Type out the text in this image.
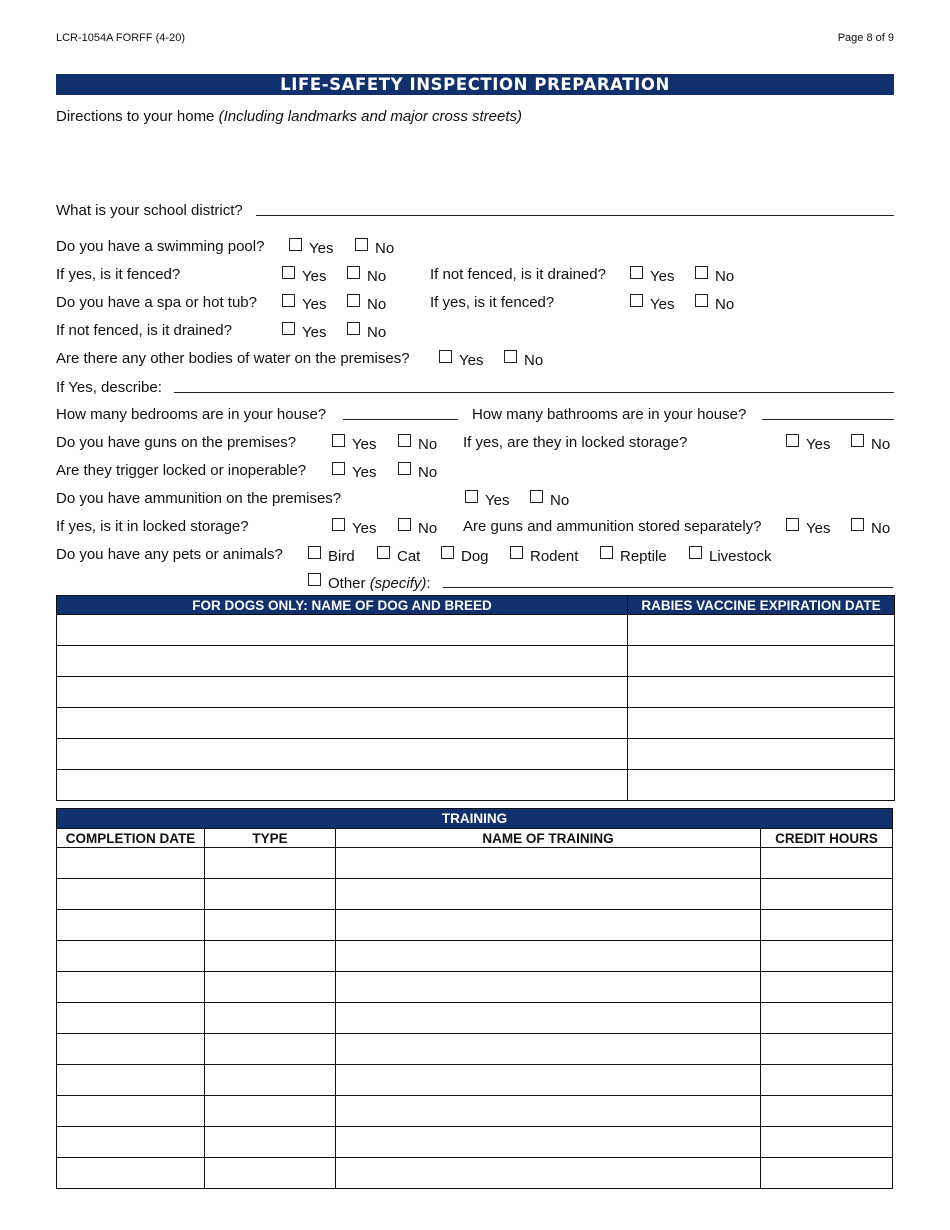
LCR-1054A FORFF (4-20)	Page 8 of 9
LIFE-SAFETY INSPECTION PREPARATION
Directions to your home (Including landmarks and major cross streets)
What is your school district?
Do you have a swimming pool?	Yes	No
If yes, is it fenced?	Yes	No	If not fenced, is it drained?	Yes	No
Do you have a spa or hot tub?	Yes	No	If yes, is it fenced?	Yes	No
If not fenced, is it drained?	Yes	No
Are there any other bodies of water on the premises?	Yes	No
If Yes, describe:
How many bedrooms are in your house?	How many bathrooms are in your house?
Do you have guns on the premises?	Yes	No If yes, are they in locked storage?	Yes	No
Are they trigger locked or inoperable?	Yes	No
Do you have ammunition on the premises?	Yes	No
If yes, is it in locked storage?	Yes	No Are guns and ammunition stored separately?	Yes	No
Do you have any pets or animals?	Bird	Cat	Dog	Rodent	Reptile	Livestock
Other (specify):
FOR DOGS ONLY: NAME OF DOG AND BREED	RABIES VACCINE EXPIRATION DATE

TRAINING			
COMPLETION DATE	TYPE	NAME OF TRAINING	CREDIT HOURS
